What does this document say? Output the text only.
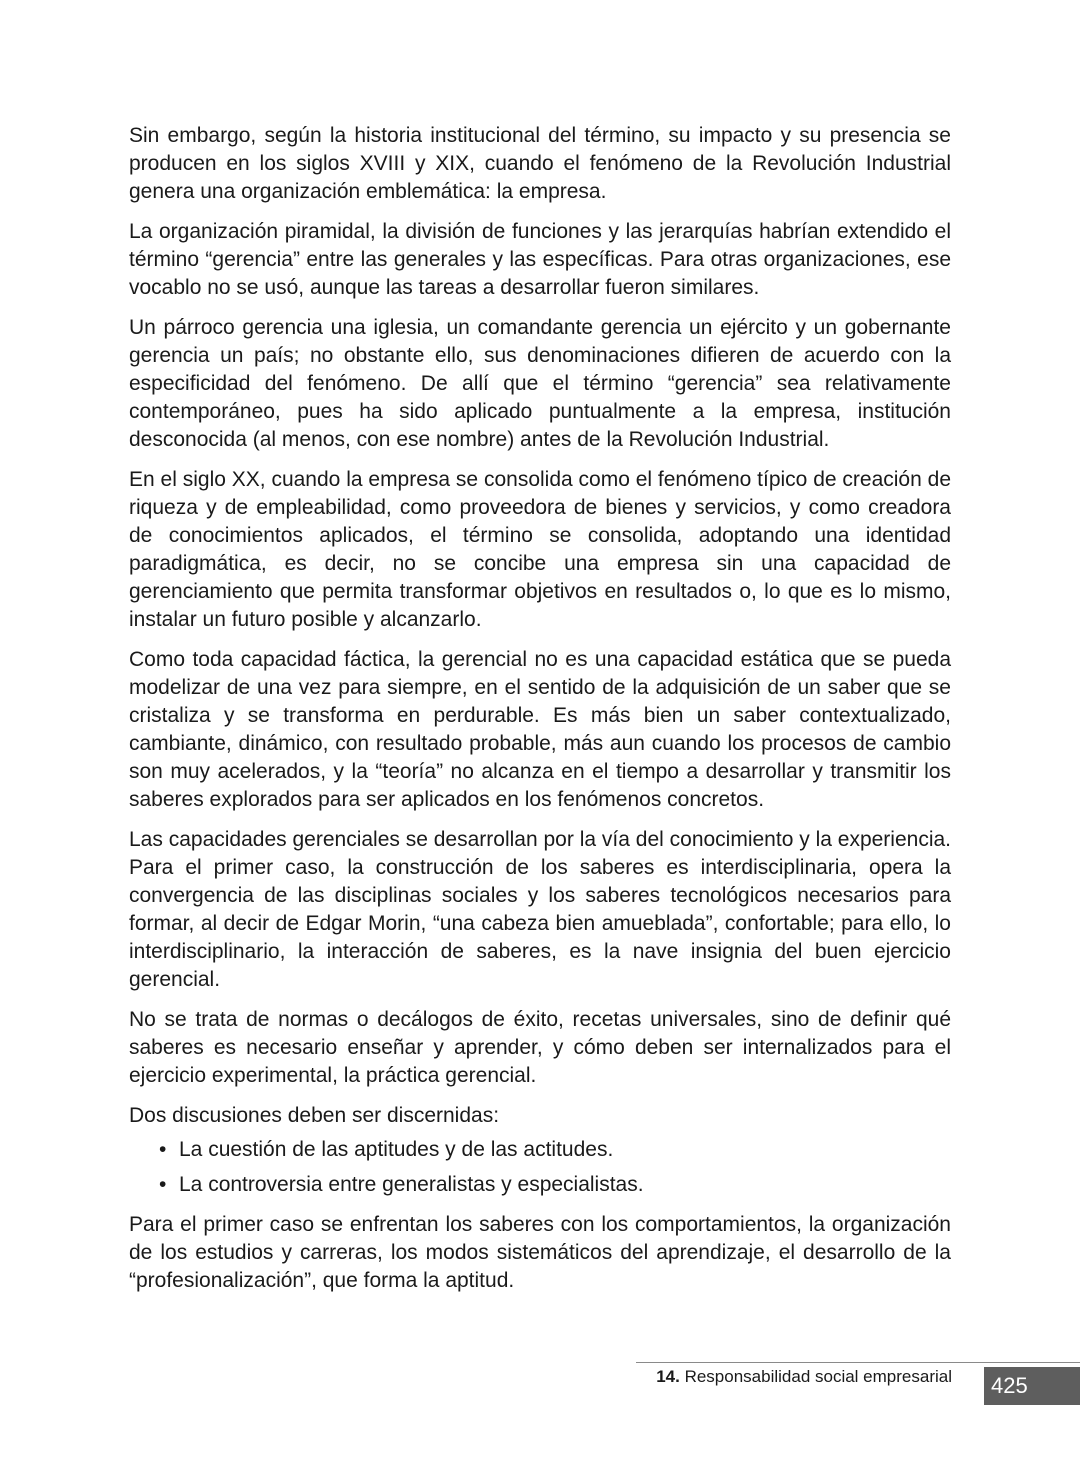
Sin embargo, según la historia institucional del término, su impacto y su presencia se producen en los siglos XVIII y XIX, cuando el fenómeno de la Revolución Industrial genera una organización emblemática: la empresa.

La organización piramidal, la división de funciones y las jerarquías habrían extendido el término “gerencia” entre las generales y las específicas. Para otras organizaciones, ese vocablo no se usó, aunque las tareas a desarrollar fueron similares.

Un párroco gerencia una iglesia, un comandante gerencia un ejército y un gobernante gerencia un país; no obstante ello, sus denominaciones difieren de acuerdo con la especificidad del fenómeno. De allí que el término “gerencia” sea relativamente contemporáneo, pues ha sido aplicado puntualmente a la empresa, institución desconocida (al menos, con ese nombre) antes de la Revolución Industrial.

En el siglo XX, cuando la empresa se consolida como el fenómeno típico de creación de riqueza y de empleabilidad, como proveedora de bienes y servicios, y como creadora de conocimientos aplicados, el término se consolida, adoptando una identidad paradigmática, es decir, no se concibe una empresa sin una capacidad de gerenciamiento que permita transformar objetivos en resultados o, lo que es lo mismo, instalar un futuro posible y alcanzarlo.

Como toda capacidad fáctica, la gerencial no es una capacidad estática que se pueda modelizar de una vez para siempre, en el sentido de la adquisición de un saber que se cristaliza y se transforma en perdurable. Es más bien un saber contextualizado, cambiante, dinámico, con resultado probable, más aun cuando los procesos de cambio son muy acelerados, y la “teoría” no alcanza en el tiempo a desarrollar y transmitir los saberes explorados para ser aplicados en los fenómenos concretos.

Las capacidades gerenciales se desarrollan por la vía del conocimiento y la experiencia. Para el primer caso, la construcción de los saberes es interdisciplinaria, opera la convergencia de las disciplinas sociales y los saberes tecnológicos necesarios para formar, al decir de Edgar Morin, “una cabeza bien amueblada”, confortable; para ello, lo interdisciplinario, la interacción de saberes, es la nave insignia del buen ejercicio gerencial.

No se trata de normas o decálogos de éxito, recetas universales, sino de definir qué saberes es necesario enseñar y aprender, y cómo deben ser internalizados para el ejercicio experimental, la práctica gerencial.

Dos discusiones deben ser discernidas:

• La cuestión de las aptitudes y de las actitudes.
• La controversia entre generalistas y especialistas.

Para el primer caso se enfrentan los saberes con los comportamientos, la organización de los estudios y carreras, los modos sistemáticos del aprendizaje, el desarrollo de la “profesionalización”, que forma la aptitud.

14. Responsabilidad social empresarial 425
